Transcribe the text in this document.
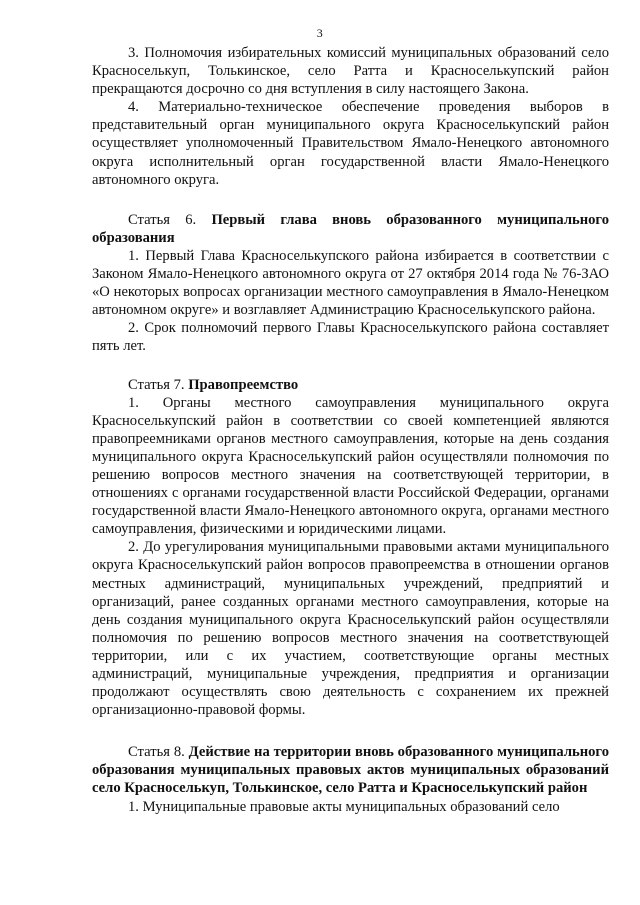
3

3. Полномочия избирательных комиссий муниципальных образований село Красноселькуп, Толькинское, село Ратта и Красноселькупский район прекращаются досрочно со дня вступления в силу настоящего Закона.

4. Материально-техническое обеспечение проведения выборов в представительный орган муниципального округа Красноселькупский район осуществляет уполномоченный Правительством Ямало-Ненецкого автономного округа исполнительный орган государственной власти Ямало-Ненецкого автономного округа.

Статья 6. Первый глава вновь образованного муниципального образования

1. Первый Глава Красноселькупского района избирается в соответствии с Законом Ямало-Ненецкого автономного округа от 27 октября 2014 года № 76-ЗАО «О некоторых вопросах организации местного самоуправления в Ямало-Ненецком автономном округе» и возглавляет Администрацию Красноселькупского района.

2. Срок полномочий первого Главы Красноселькупского района составляет пять лет.

Статья 7. Правопреемство

1. Органы местного самоуправления муниципального округа Красноселькупский район в соответствии со своей компетенцией являются правопреемниками органов местного самоуправления, которые на день создания муниципального округа Красноселькупский район осуществляли полномочия по решению вопросов местного значения на соответствующей территории, в отношениях с органами государственной власти Российской Федерации, органами государственной власти Ямало-Ненецкого автономного округа, органами местного самоуправления, физическими и юридическими лицами.

2. До урегулирования муниципальными правовыми актами муниципального округа Красноселькупский район вопросов правопреемства в отношении органов местных администраций, муниципальных учреждений, предприятий и организаций, ранее созданных органами местного самоуправления, которые на день создания муниципального округа Красноселькупский район осуществляли полномочия по решению вопросов местного значения на соответствующей территории, или с их участием, соответствующие органы местных администраций, муниципальные учреждения, предприятия и организации продолжают осуществлять свою деятельность с сохранением их прежней организационно-правовой формы.

Статья 8. Действие на территории вновь образованного муниципального образования муниципальных правовых актов муниципальных образований село Красноселькуп, Толькинское, село Ратта и Красноселькупский район

1. Муниципальные правовые акты муниципальных образований село
